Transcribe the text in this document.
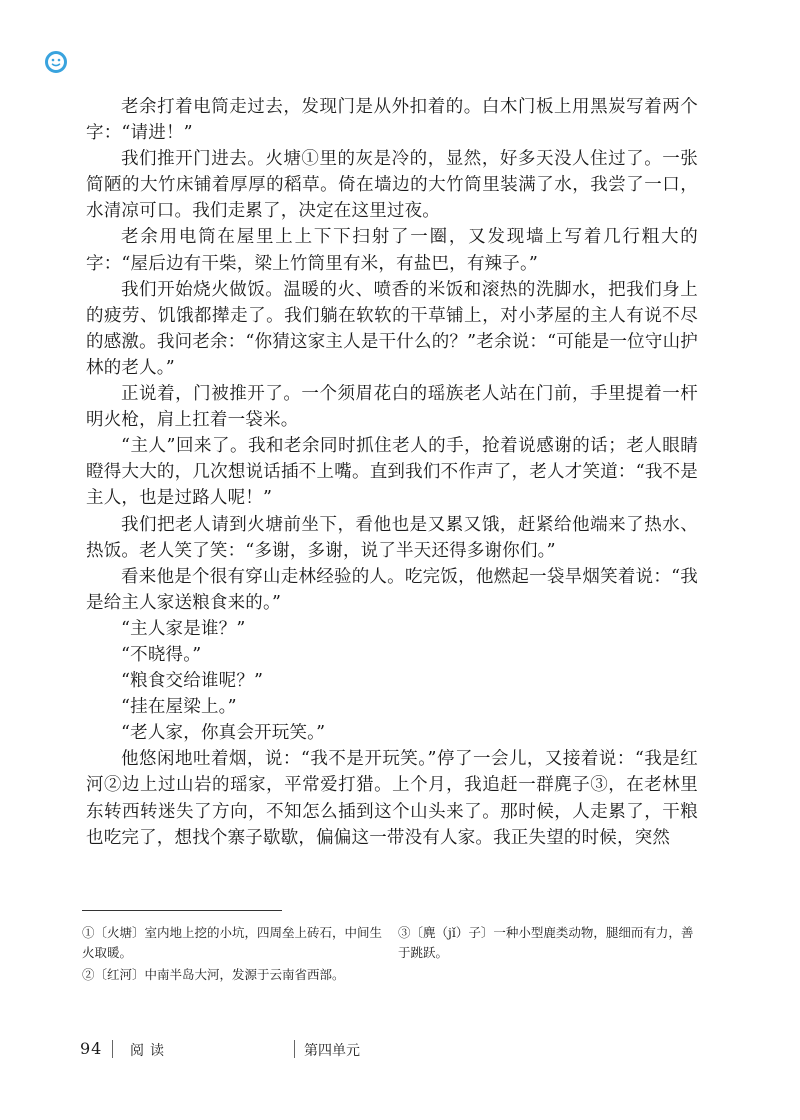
老余打着电筒走过去，发现门是从外扣着的。白木门板上用黑炭写着两个字：“请进！”

我们推开门进去。火塘①里的灰是冷的，显然，好多天没人住过了。一张简陋的大竹床铺着厚厚的稻草。倚在墙边的大竹筒里装满了水，我尝了一口，水清凉可口。我们走累了，决定在这里过夜。

老余用电筒在屋里上上下下扫射了一圈，又发现墙上写着几行粗大的字：“屋后边有干柴，梁上竹筒里有米，有盐巴，有辣子。”

我们开始烧火做饭。温暖的火、喷香的米饭和滚热的洗脚水，把我们身上的疲劳、饥饿都撵走了。我们躺在软软的干草铺上，对小茅屋的主人有说不尽的感激。我问老余：“你猜这家主人是干什么的？”老余说：“可能是一位守山护林的老人。”

正说着，门被推开了。一个须眉花白的瑶族老人站在门前，手里提着一杆明火枪，肩上扛着一袋米。

“主人”回来了。我和老余同时抓住老人的手，抢着说感谢的话；老人眼睛瞪得大大的，几次想说话插不上嘴。直到我们不作声了，老人才笑道：“我不是主人，也是过路人呢！”

我们把老人请到火塘前坐下，看他也是又累又饿，赶紧给他端来了热水、热饭。老人笑了笑：“多谢，多谢，说了半天还得多谢你们。”

看来他是个很有穿山走林经验的人。吃完饭，他燃起一袋旱烟笑着说：“我是给主人家送粮食来的。”

“主人家是谁？”

“不晓得。”

“粮食交给谁呢？”

“挂在屋梁上。”

“老人家，你真会开玩笑。”

他悠闲地吐着烟，说：“我不是开玩笑。”停了一会儿，又接着说：“我是红河②边上过山岩的瑶家，平常爱打猎。上个月，我追赶一群麂子③，在老林里东转西转迷失了方向，不知怎么插到这个山头来了。那时候，人走累了，干粮也吃完了，想找个寨子歇歇，偏偏这一带没有人家。我正失望的时候，突然

①〔火塘〕室内地上挖的小坑，四周垒上砖石，中间生火取暖。
②〔红河〕中南半岛大河，发源于云南省西部。
③〔麂（jǐ）子〕一种小型鹿类动物，腿细而有力，善于跳跃。
94 阅读	第四单元
